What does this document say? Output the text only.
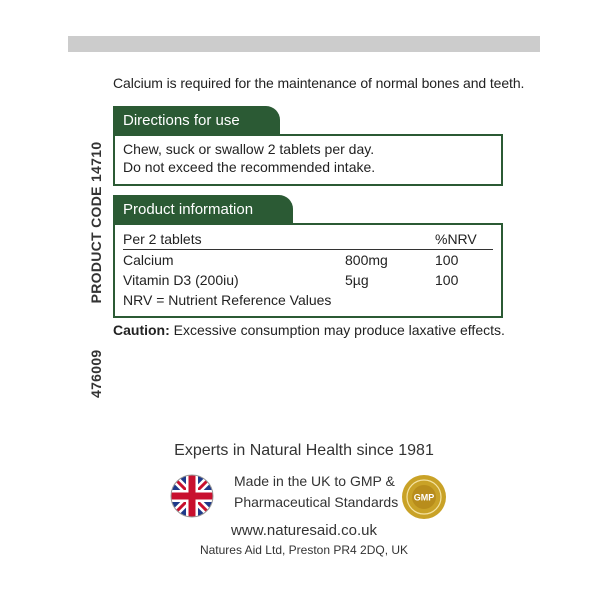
Calcium is required for the maintenance of normal bones and teeth.
Directions for use
Chew, suck or swallow 2 tablets per day.
Do not exceed the recommended intake.
Product information
Per 2 tablets		%NRV
Calcium	800mg	100
Vitamin D3 (200iu)	5µg	100
NRV = Nutrient Reference Values		
Caution: Excessive consumption may produce laxative effects.
476009           PRODUCT CODE 14710
Experts in Natural Health since 1981
Made in the UK to GMP &
Pharmaceutical Standards GMP
www.naturesaid.co.uk
Natures Aid Ltd, Preston PR4 2DQ, UK
